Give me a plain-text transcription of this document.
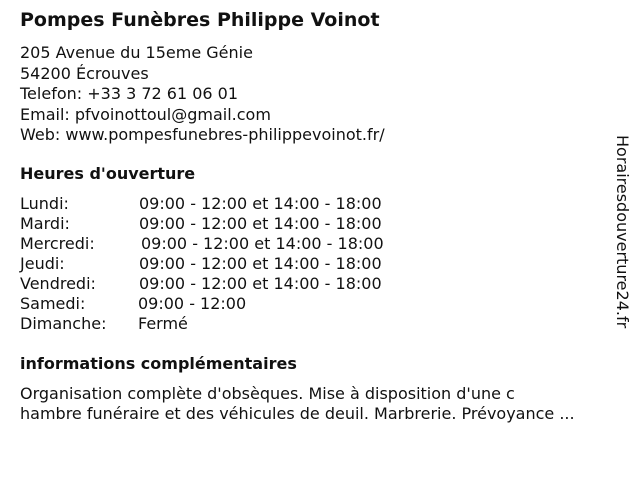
Pompes Funèbres Philippe Voinot
205 Avenue du 15eme Génie
54200 Écrouves
Telefon: +33 3 72 61 06 01
Email: pfvoinottoul@gmail.com
Web: www.pompesfunebres-philippevoinot.fr/
Heures d'ouverture
Lundi:	09:00 - 12:00 et 14:00 - 18:00
Mardi:	09:00 - 12:00 et 14:00 - 18:00
Mercredi:	09:00 - 12:00 et 14:00 - 18:00
Jeudi:	09:00 - 12:00 et 14:00 - 18:00
Vendredi:	09:00 - 12:00 et 14:00 - 18:00
Samedi:	09:00 - 12:00
Dimanche: Fermé
informations complémentaires
Organisation complète d'obsèques. Mise à disposition d'une c
hambre funéraire et des véhicules de deuil. Marbrerie. Prévoyance ...
Horairesdouverture24.fr
